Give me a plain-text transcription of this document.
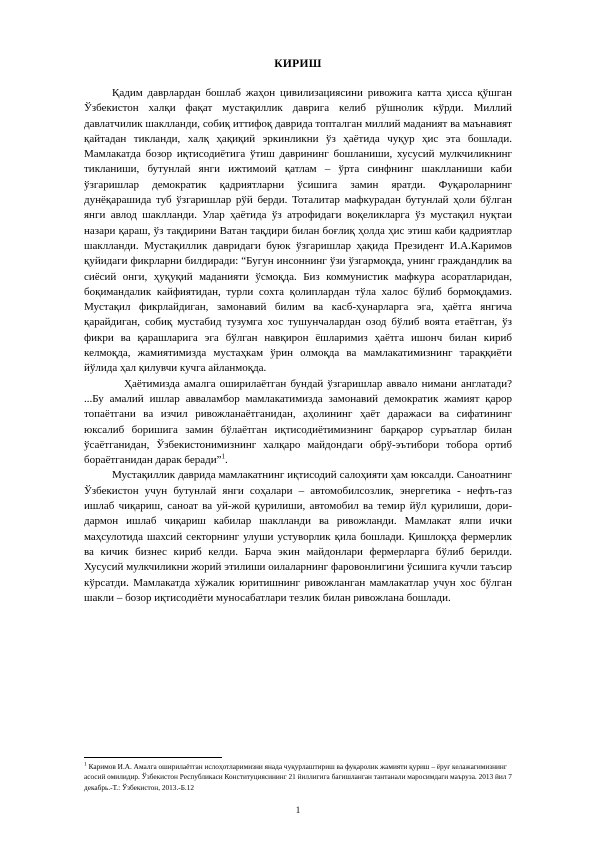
КИРИШ

Қадим даврлардан бошлаб жаҳон цивилизациясини ривожига катта ҳисса қўшган Ўзбекистон халқи фақат мустақиллик даврига келиб рўшнолик кўрди. Миллий давлатчилик шаклланди, собиқ иттифоқ даврида топталган миллий маданият ва маънавият қайтадан тикланди, халқ ҳақиқий эркинликни ўз ҳаётида чуқур ҳис эта бошлади. Мамлакатда бозор иқтисодиётига ўтиш даврининг бошланиши, хусусий мулкчиликнинг тикланиши, бутунлай янги ижтимоий қатлам – ўрта синфнинг шаклланиши каби ўзгаришлар демократик қадриятларни ўсишига замин яратди. Фуқароларнинг дунёқарашида туб ўзгаришлар рўй берди. Тоталитар мафкурадан бутунлай ҳоли бўлган янги авлод шаклланди. Улар ҳаётида ўз атрофидаги воқеликларга ўз мустақил нуқтаи назари қараш, ўз тақдирини Ватан тақдири билан боғлиқ ҳолда ҳис этиш каби қадриятлар шаклланди. Мустақиллик давридаги буюк ўзгаришлар ҳақида Президент И.А.Каримов қуйидаги фикрларни билдиради: “Бугун инсоннинг ўзи ўзгармоқда, унинг граждандлик ва сиёсий онги, ҳуқуқий маданияти ўсмоқда. Биз коммунистик мафкура асоратларидан, боқимандалик кайфиятидан, турли сохта қолиплардан тўла халос бўлиб бормоқдамиз. Мустақил фикрлайдиган, замонавий билим ва касб-ҳунарларга эга, ҳаётга янгича қарайдиган, собиқ мустабид тузумга хос тушунчалардан озод бўлиб воята етаётган, ўз фикри ва қарашларига эга бўлган навқирон ёшларимиз ҳаётга ишонч билан кириб келмоқда, жамиятимизда мустаҳкам ўрин олмоқда ва мамлакатимизнинг тараққиёти йўлида ҳал қилувчи кучга айланмоқда.

Ҳаётимизда амалга оширилаётган бундай ўзгаришлар аввало нимани англатади? ...Бу амалий ишлар авваламбор мамлакатимизда замонавий демократик жамият қарор топаётгани ва изчил ривожланаётганидан, аҳолининг ҳаёт даражаси ва сифатининг юксалиб боришига замин бўлаётган иқтисодиётимизнинг барқарор суръатлар билан ўсаётганидан, Ўзбекистонимизнинг халқаро майдондаги обрў-эътибори тобора ортиб бораётганидан дарак беради”$^1$.

Мустақиллик даврида мамлакатнинг иқтисодий салоҳияти ҳам юксалди. Саноатнинг Ўзбекистон учун бутунлай янги соҳалари – автомобилсозлик, энергетика - нефть-газ ишлаб чиқариш, саноат ва уй-жой қурилиши, автомобил ва темир йўл қурилиши, дори-дармон ишлаб чиқариш кабилар шаклланди ва ривожланди. Мамлакат ялпи ички маҳсулотида шахсий секторнинг улуши устуворлик қила бошлади. Қишлоқҳа фермерлик ва кичик бизнес кириб келди. Барча экин майдонлари фермерларга бўлиб берилди. Хусусий мулкчиликни жорий этилиши оилаларнинг фаровонлигини ўсишига кучли таъсир кўрсатди. Мамлакатда хўжалик юритишнинг ривожланган мамлакатлар учун хос бўлган шакли – бозор иқтисодиёти муносабатлари тезлик билан ривожлана бошлади.

$^1$ Каримов И.А. Амалга оширилаётган ислоҳотларимизни янада чуқурлаштириш ва фуқаролик жамияти қуриш – ёруғ келажагимизнинг асосий омилидир. Ўзбекистон Республикаси Конституциясининг 21 йиллигига бағишланган тантанали маросимдаги маъруза. 2013 йил 7 декабрь.-Т.: Ўзбекистон, 2013.-Б.12
1
